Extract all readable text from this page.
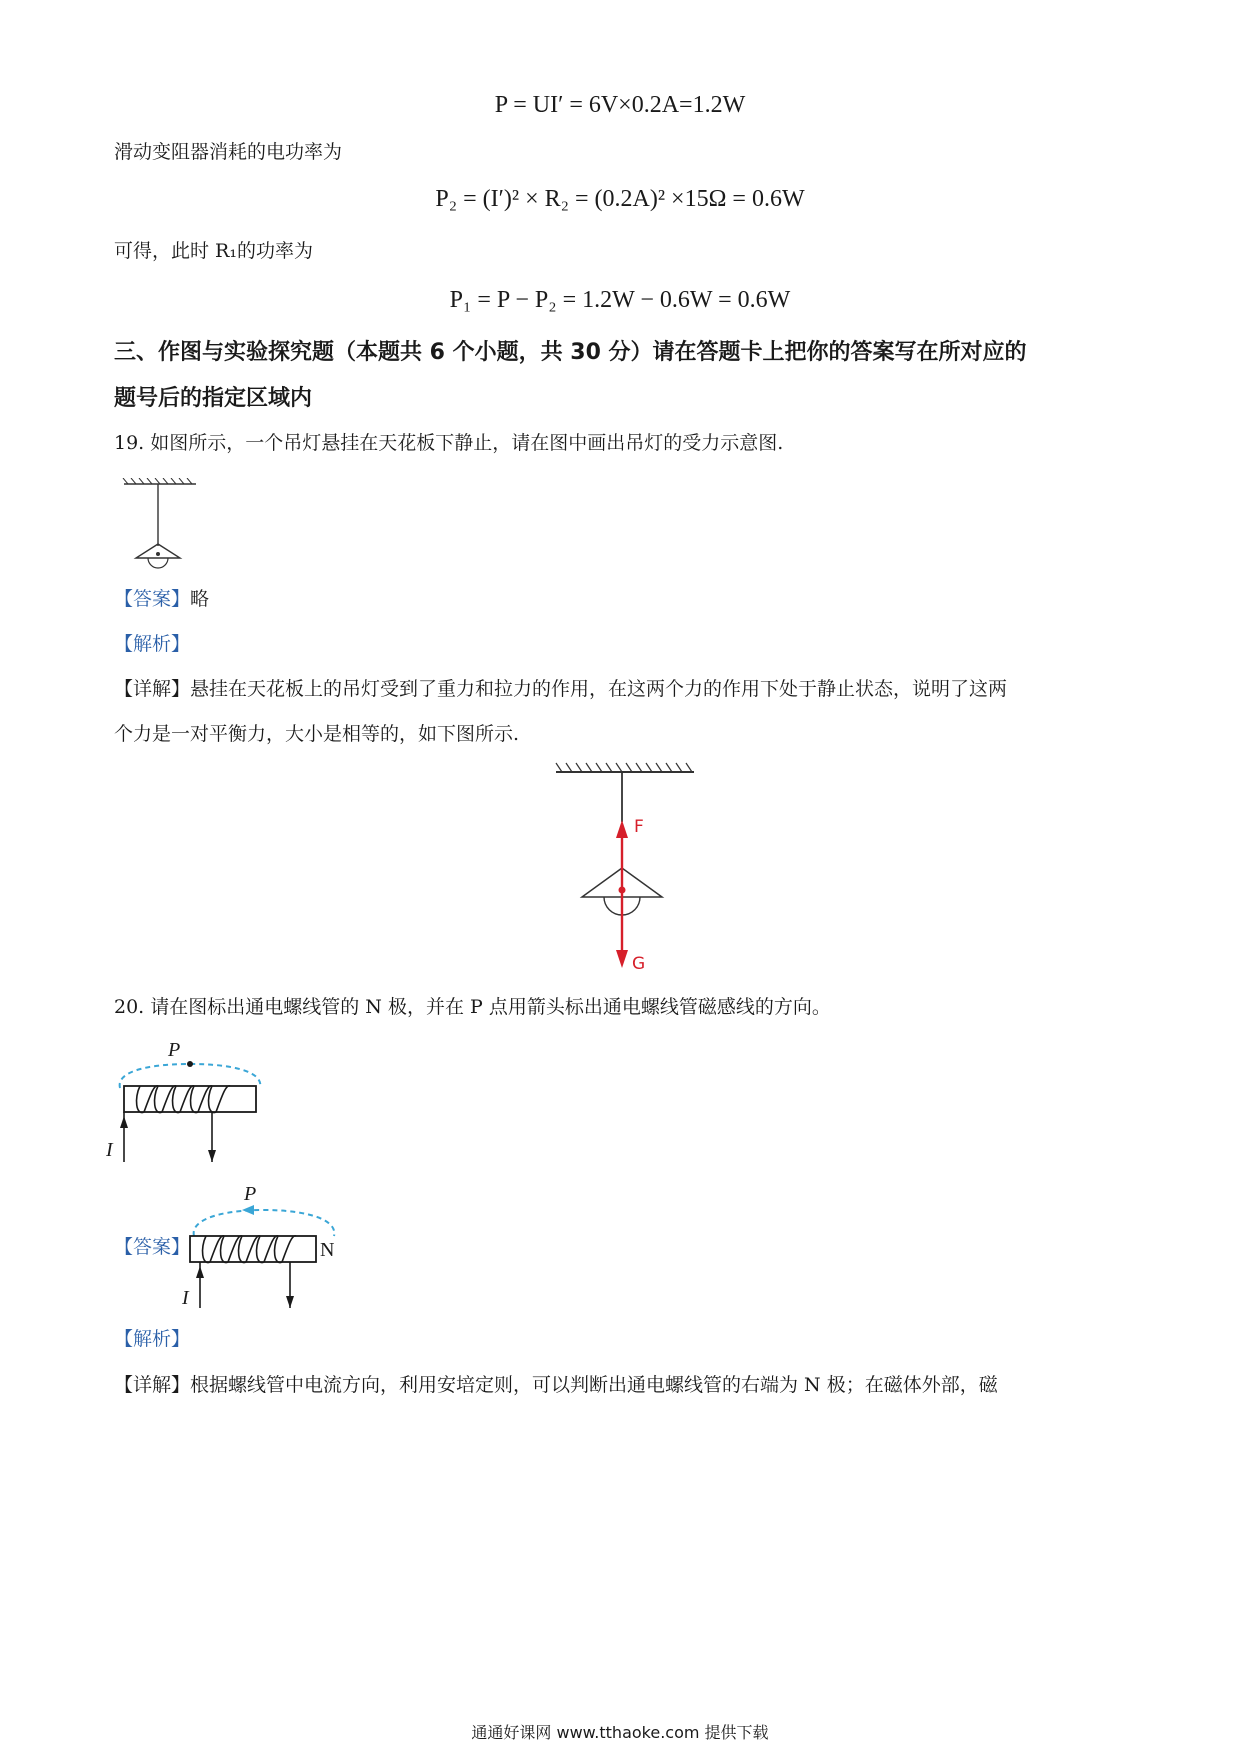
P = UI′ = 6V×0.2A=1.2W
滑动变阻器消耗的电功率为
P₂ = (I′)² × R₂ = (0.2A)² ×15Ω = 0.6W
可得，此时 R₁的功率为
P₁ = P − P₂ = 1.2W − 0.6W = 0.6W
三、作图与实验探究题（本题共 6 个小题，共 30 分）请在答题卡上把你的答案写在所对应的
题号后的指定区域内
19. 如图所示，一个吊灯悬挂在天花板下静止，请在图中画出吊灯的受力示意图.
【答案】略
【解析】
【详解】悬挂在天花板上的吊灯受到了重力和拉力的作用，在这两个力的作用下处于静止状态，说明了这两
个力是一对平衡力，大小是相等的，如下图所示.
F
G
20. 请在图标出通电螺线管的 N 极，并在 P 点用箭头标出通电螺线管磁感线的方向。
P
I
【答案】
P
N
I
【解析】
【详解】根据螺线管中电流方向，利用安培定则，可以判断出通电螺线管的右端为 N 极；在磁体外部，磁
通通好课网 www.tthaoke.com 提供下载
